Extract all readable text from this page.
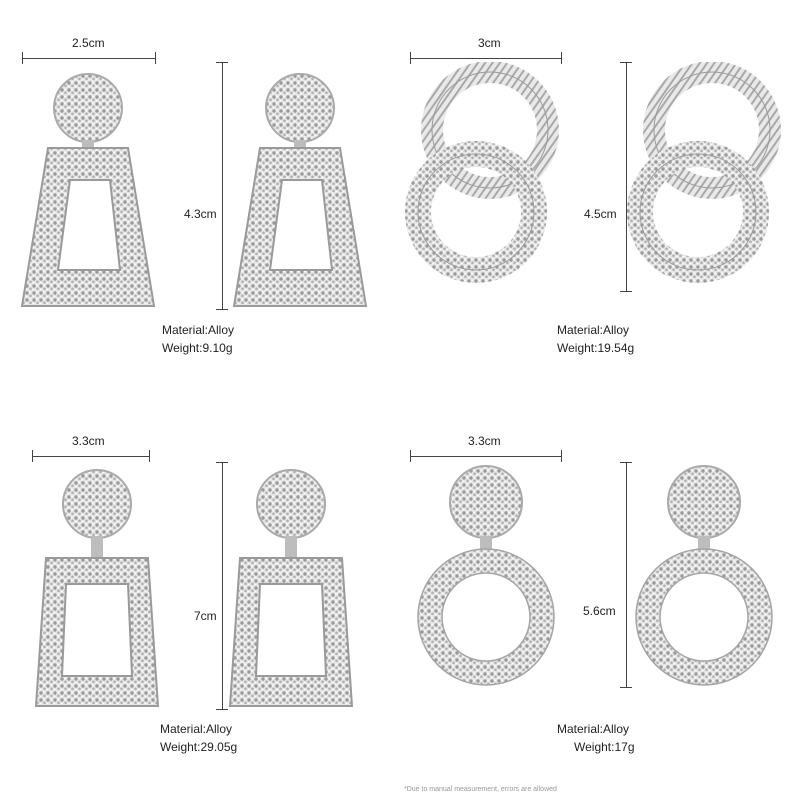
2.5cm
4.3cm
Material:Alloy
Weight:9.10g
3cm
4.5cm
Material:Alloy
Weight:19.54g
3.3cm
7cm
Material:Alloy
Weight:29.05g
3.3cm
5.6cm
Material:Alloy
Weight:17g
*Due to manual measurement, errors are allowed
